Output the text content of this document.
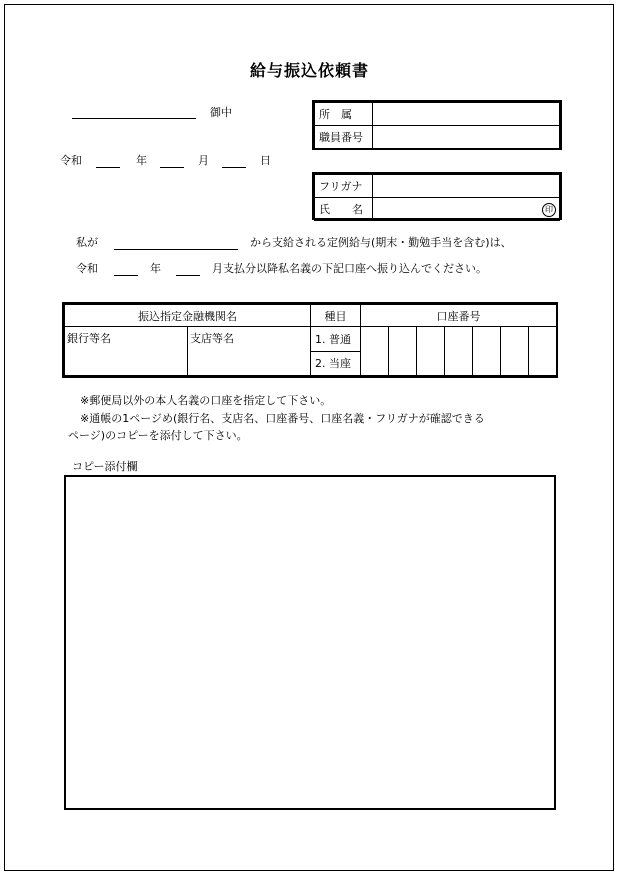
給与振込依頼書
御中
令和	年	月	日
所　属	
職員番号	
フリガナ	
氏　　名	印
私が	から支給される定例給与(期末・勤勉手当を含む)は、
令和	年	月支払分以降私名義の下記口座へ振り込んでください。
振込指定金融機関名		種目	口座番号						
銀行等名	支店等名	1. 普通							
		2. 当座							
※郵便局以外の本人名義の口座を指定して下さい。
※通帳の1ページめ(銀行名、支店名、口座番号、口座名義・フリガナが確認できる
ページ)のコピーを添付して下さい。
コピー添付欄
